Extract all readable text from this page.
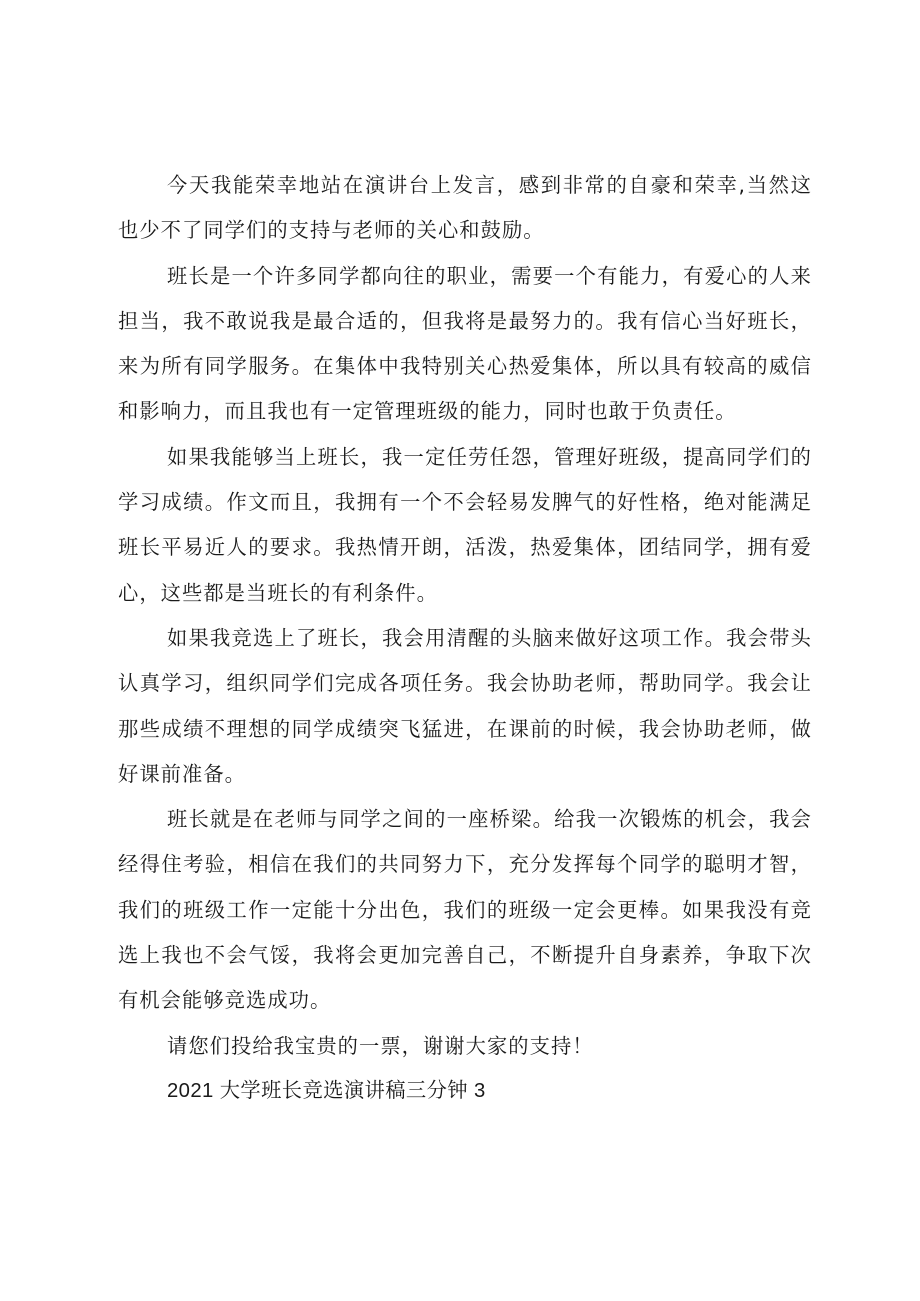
今天我能荣幸地站在演讲台上发言，感到非常的自豪和荣幸,当然这也少不了同学们的支持与老师的关心和鼓励。

班长是一个许多同学都向往的职业，需要一个有能力，有爱心的人来担当，我不敢说我是最合适的，但我将是最努力的。我有信心当好班长，来为所有同学服务。在集体中我特别关心热爱集体，所以具有较高的威信和影响力，而且我也有一定管理班级的能力，同时也敢于负责任。

如果我能够当上班长，我一定任劳任怨，管理好班级，提高同学们的学习成绩。作文而且，我拥有一个不会轻易发脾气的好性格，绝对能满足班长平易近人的要求。我热情开朗，活泼，热爱集体，团结同学，拥有爱心，这些都是当班长的有利条件。

如果我竞选上了班长，我会用清醒的头脑来做好这项工作。我会带头认真学习，组织同学们完成各项任务。我会协助老师，帮助同学。我会让那些成绩不理想的同学成绩突飞猛进，在课前的时候，我会协助老师，做好课前准备。

班长就是在老师与同学之间的一座桥梁。给我一次锻炼的机会，我会经得住考验，相信在我们的共同努力下，充分发挥每个同学的聪明才智，我们的班级工作一定能十分出色，我们的班级一定会更棒。如果我没有竞选上我也不会气馁，我将会更加完善自己，不断提升自身素养，争取下次有机会能够竞选成功。

请您们投给我宝贵的一票，谢谢大家的支持！

2021 大学班长竞选演讲稿三分钟 3
